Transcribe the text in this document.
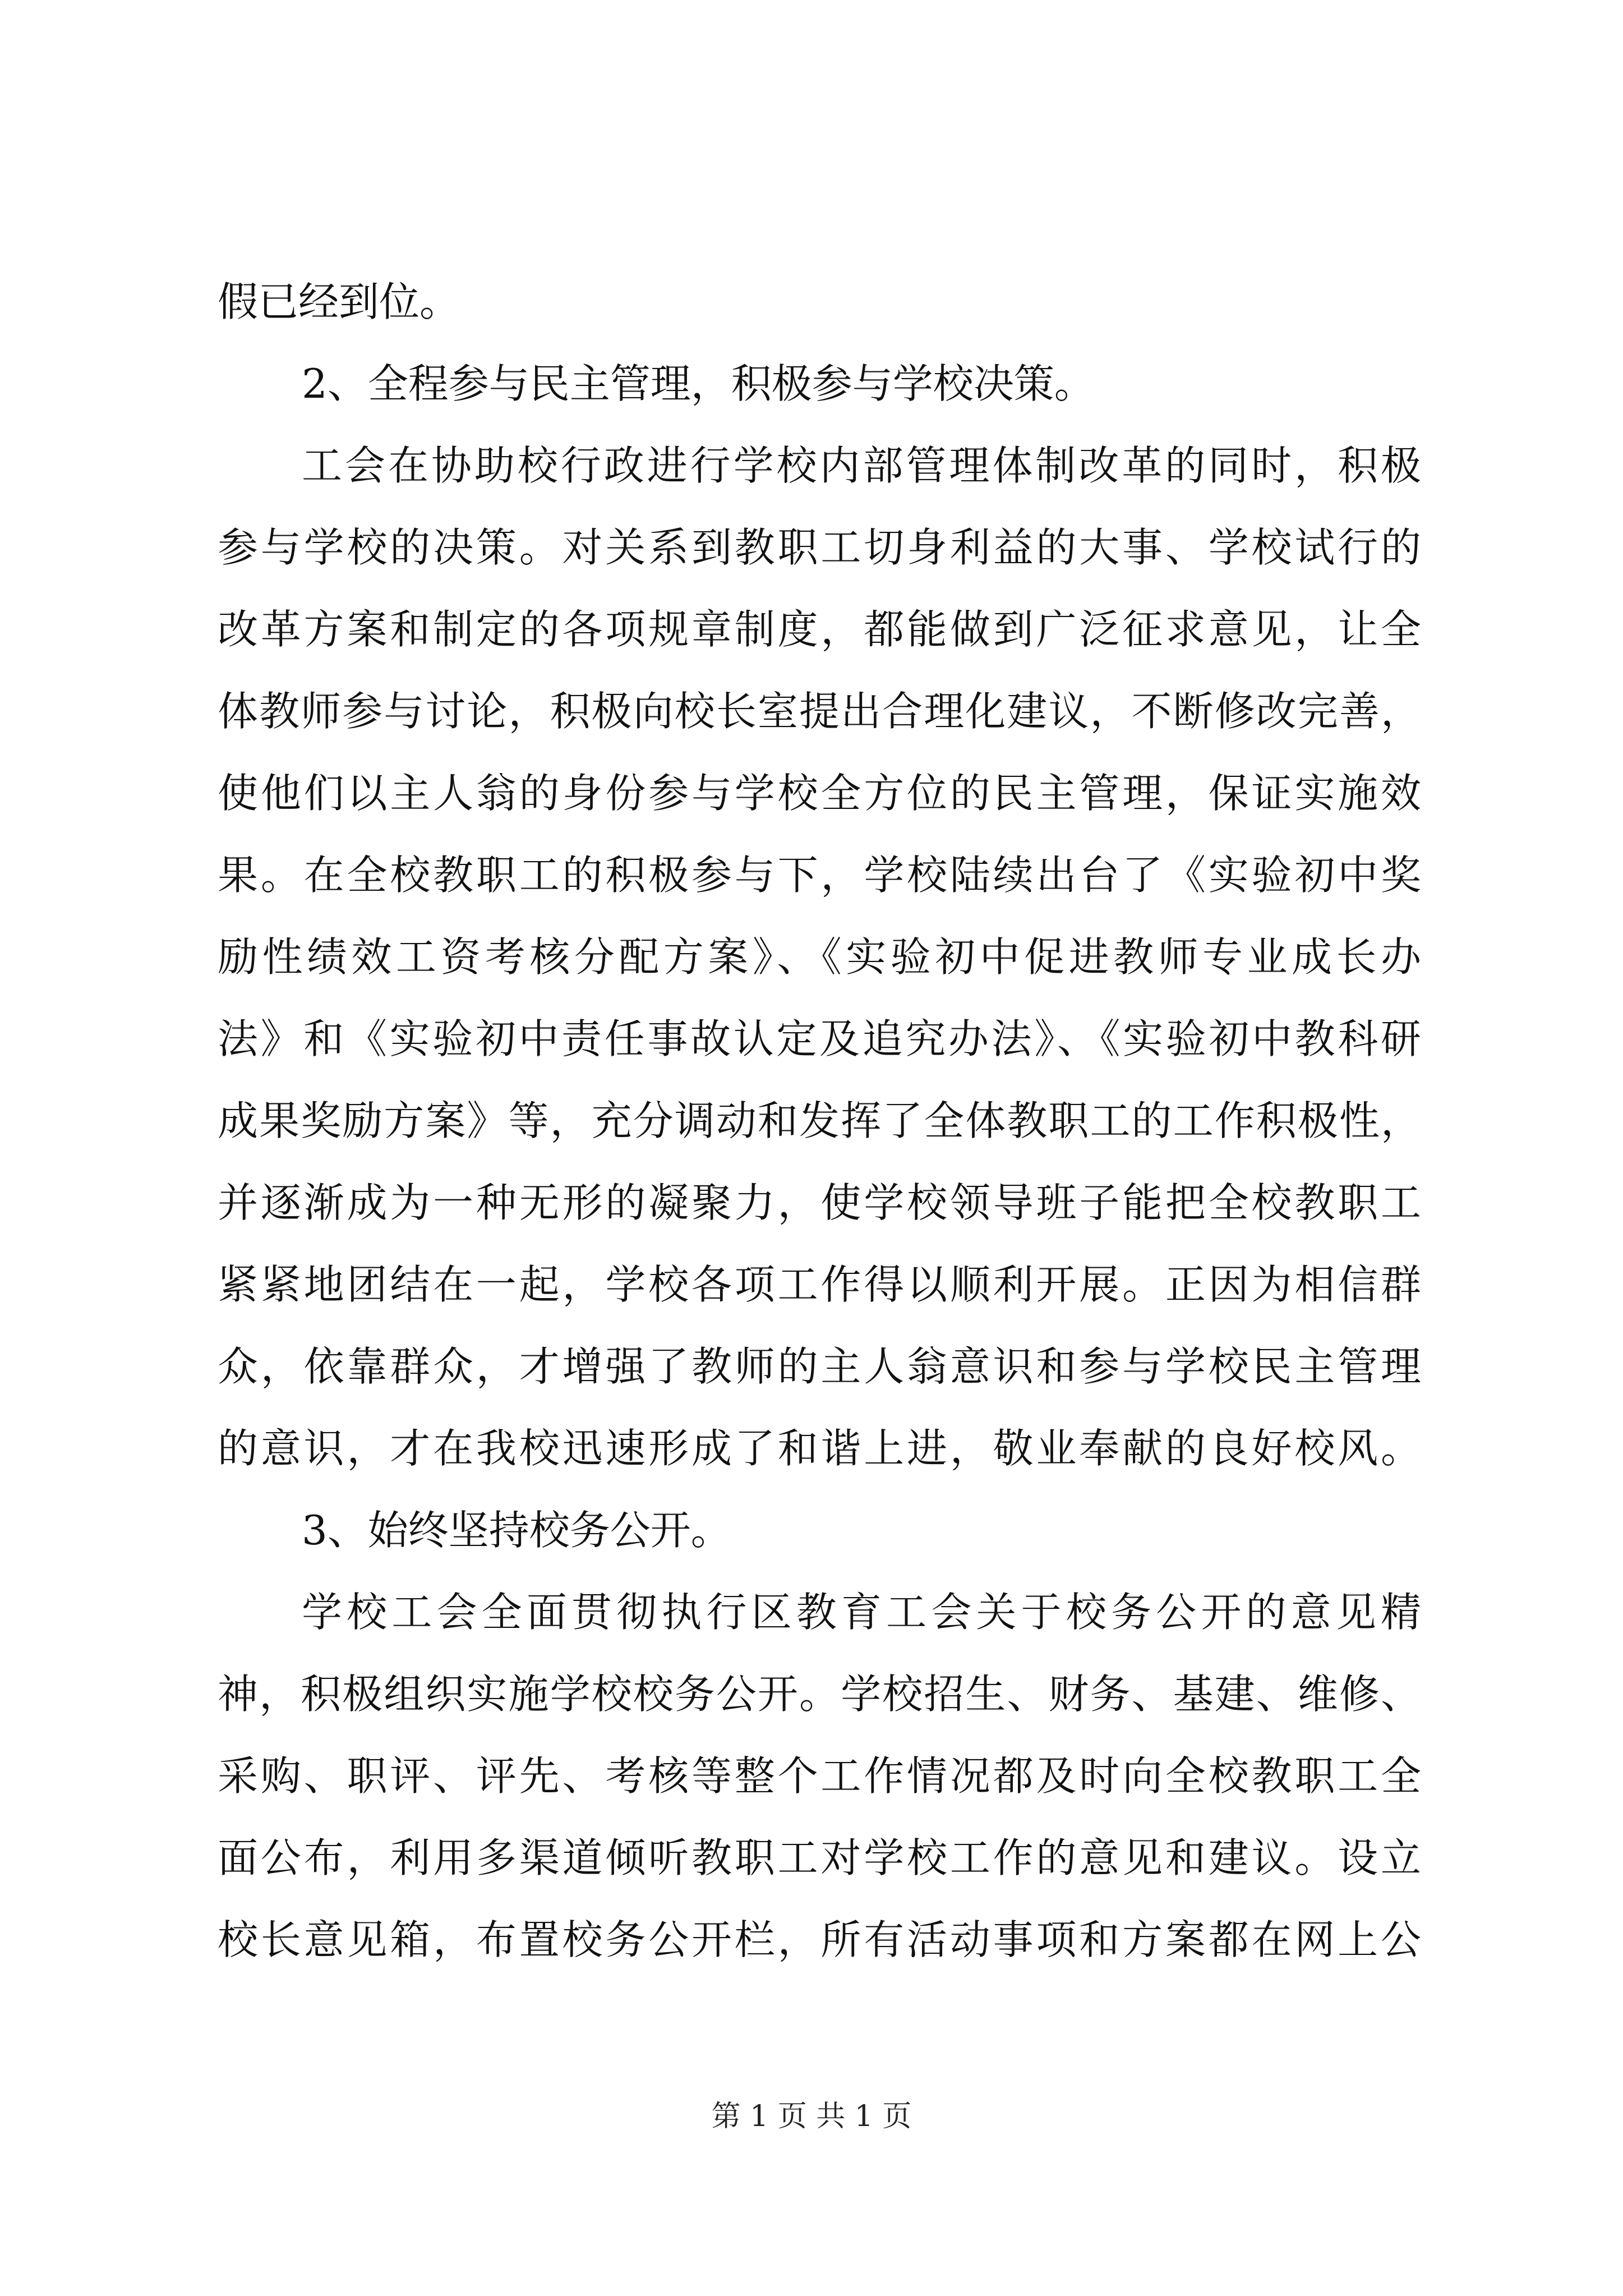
假已经到位。
2、全程参与民主管理，积极参与学校决策。
工会在协助校行政进行学校内部管理体制改革的同时，积极
参与学校的决策。对关系到教职工切身利益的大事、学校试行的
改革方案和制定的各项规章制度，都能做到广泛征求意见，让全
体教师参与讨论，积极向校长室提出合理化建议，不断修改完善，
使他们以主人翁的身份参与学校全方位的民主管理，保证实施效
果。在全校教职工的积极参与下，学校陆续出台了《实验初中奖
励性绩效工资考核分配方案》、《实验初中促进教师专业成长办
法》和《实验初中责任事故认定及追究办法》、《实验初中教科研
成果奖励方案》等，充分调动和发挥了全体教职工的工作积极性，
并逐渐成为一种无形的凝聚力，使学校领导班子能把全校教职工
紧紧地团结在一起，学校各项工作得以顺利开展。正因为相信群
众，依靠群众，才增强了教师的主人翁意识和参与学校民主管理
的意识，才在我校迅速形成了和谐上进，敬业奉献的良好校风。
3、始终坚持校务公开。
学校工会全面贯彻执行区教育工会关于校务公开的意见精
神，积极组织实施学校校务公开。学校招生、财务、基建、维修、
采购、职评、评先、考核等整个工作情况都及时向全校教职工全
面公布，利用多渠道倾听教职工对学校工作的意见和建议。设立
校长意见箱，布置校务公开栏，所有活动事项和方案都在网上公
第 1 页 共 1 页
